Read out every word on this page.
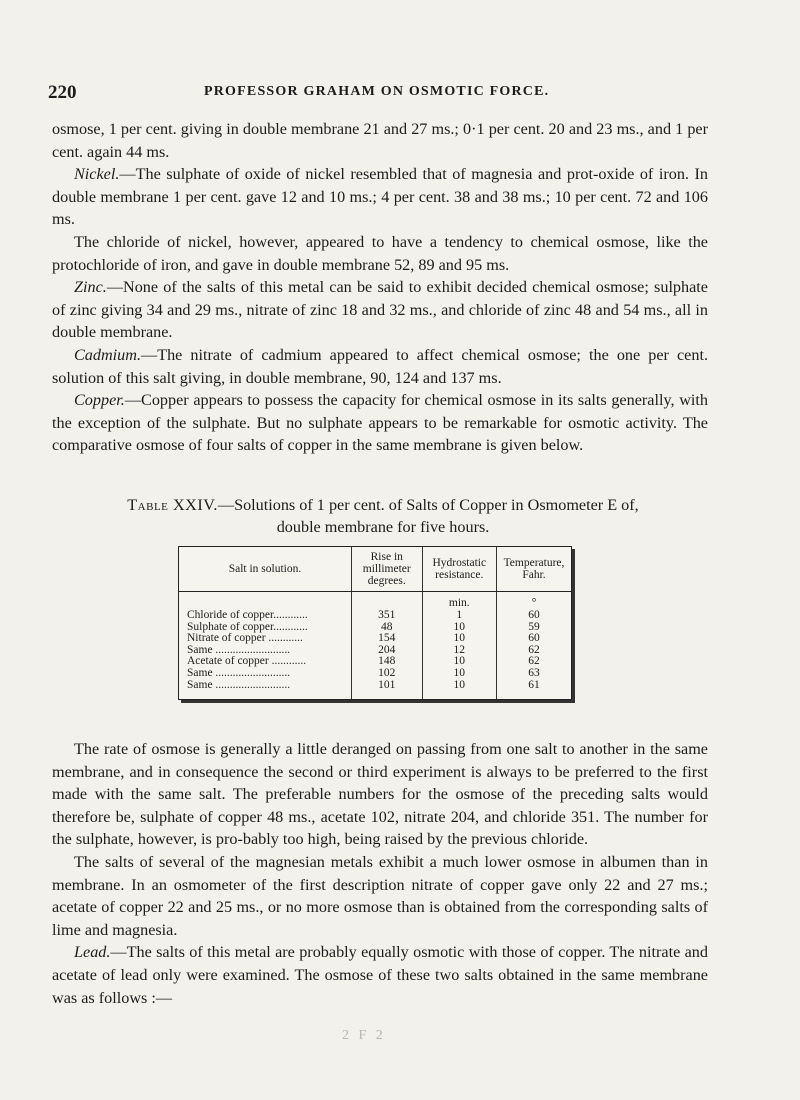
220	PROFESSOR GRAHAM ON OSMOTIC FORCE.

osmose, 1 per cent. giving in double membrane 21 and 27 ms.; 0·1 per cent. 20 and 23 ms., and 1 per cent. again 44 ms.

Nickel.—The sulphate of oxide of nickel resembled that of magnesia and prot-oxide of iron. In double membrane 1 per cent. gave 12 and 10 ms.; 4 per cent. 38 and 38 ms.; 10 per cent. 72 and 106 ms.

The chloride of nickel, however, appeared to have a tendency to chemical osmose, like the protochloride of iron, and gave in double membrane 52, 89 and 95 ms.

Zinc.—None of the salts of this metal can be said to exhibit decided chemical osmose; sulphate of zinc giving 34 and 29 ms., nitrate of zinc 18 and 32 ms., and chloride of zinc 48 and 54 ms., all in double membrane.

Cadmium.—The nitrate of cadmium appeared to affect chemical osmose; the one per cent. solution of this salt giving, in double membrane, 90, 124 and 137 ms.

Copper.—Copper appears to possess the capacity for chemical osmose in its salts generally, with the exception of the sulphate. But no sulphate appears to be remarkable for osmotic activity. The comparative osmose of four salts of copper in the same membrane is given below.

Table XXIV.—Solutions of 1 per cent. of Salts of Copper in Osmometer E of,
double membrane for five hours.
Salt in solution.	Rise in millimeter degrees.	Hydrostatic resistance.	Temperature, Fahr.
		min.	°
Chloride of copper............	351	1	60
Sulphate of copper............	48	10	59
Nitrate of copper ............	154	10	60
Same ..........................	204	12	62
Acetate of copper ............	148	10	62
Same ..........................	102	10	63
Same ..........................	101	10	61

The rate of osmose is generally a little deranged on passing from one salt to another in the same membrane, and in consequence the second or third experiment is always to be preferred to the first made with the same salt. The preferable numbers for the osmose of the preceding salts would therefore be, sulphate of copper 48 ms., acetate 102, nitrate 204, and chloride 351. The number for the sulphate, however, is pro-bably too high, being raised by the previous chloride.

The salts of several of the magnesian metals exhibit a much lower osmose in albumen than in membrane. In an osmometer of the first description nitrate of copper gave only 22 and 27 ms.; acetate of copper 22 and 25 ms., or no more osmose than is obtained from the corresponding salts of lime and magnesia.

Lead.—The salts of this metal are probably equally osmotic with those of copper. The nitrate and acetate of lead only were examined. The osmose of these two salts obtained in the same membrane was as follows :—

2 F 2
